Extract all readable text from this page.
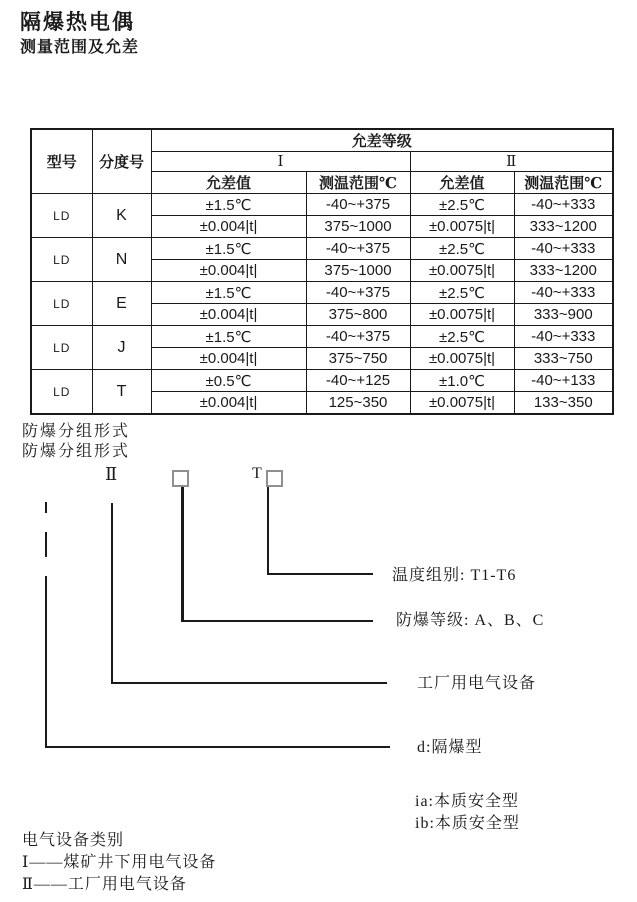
隔爆热电偶
测量范围及允差
型号	分度号	允差等级			
		Ⅰ		Ⅱ	
		允差值	测温范围℃	允差值	测温范围℃
LD	K	±1.5℃	-40~+375	±2.5℃	-40~+333
		±0.004|t|	375~1000	±0.0075|t|	333~1200
LD	N	±1.5℃	-40~+375	±2.5℃	-40~+333
		±0.004|t|	375~1000	±0.0075|t|	333~1200
LD	E	±1.5℃	-40~+375	±2.5℃	-40~+333
		±0.004|t|	375~800	±0.0075|t|	333~900
LD	J	±1.5℃	-40~+375	±2.5℃	-40~+333
		±0.004|t|	375~750	±0.0075|t|	333~750
LD	T	±0.5℃	-40~+125	±1.0℃	-40~+133
		±0.004|t|	125~350	±0.0075|t|	133~350
防爆分组形式
防爆分组形式
Ⅱ	T
温度组别: T1-T6
防爆等级: A、B、C
工厂用电气设备
d:隔爆型
ia:本质安全型
ib:本质安全型
电气设备类别
Ⅰ——煤矿井下用电气设备
Ⅱ——工厂用电气设备
